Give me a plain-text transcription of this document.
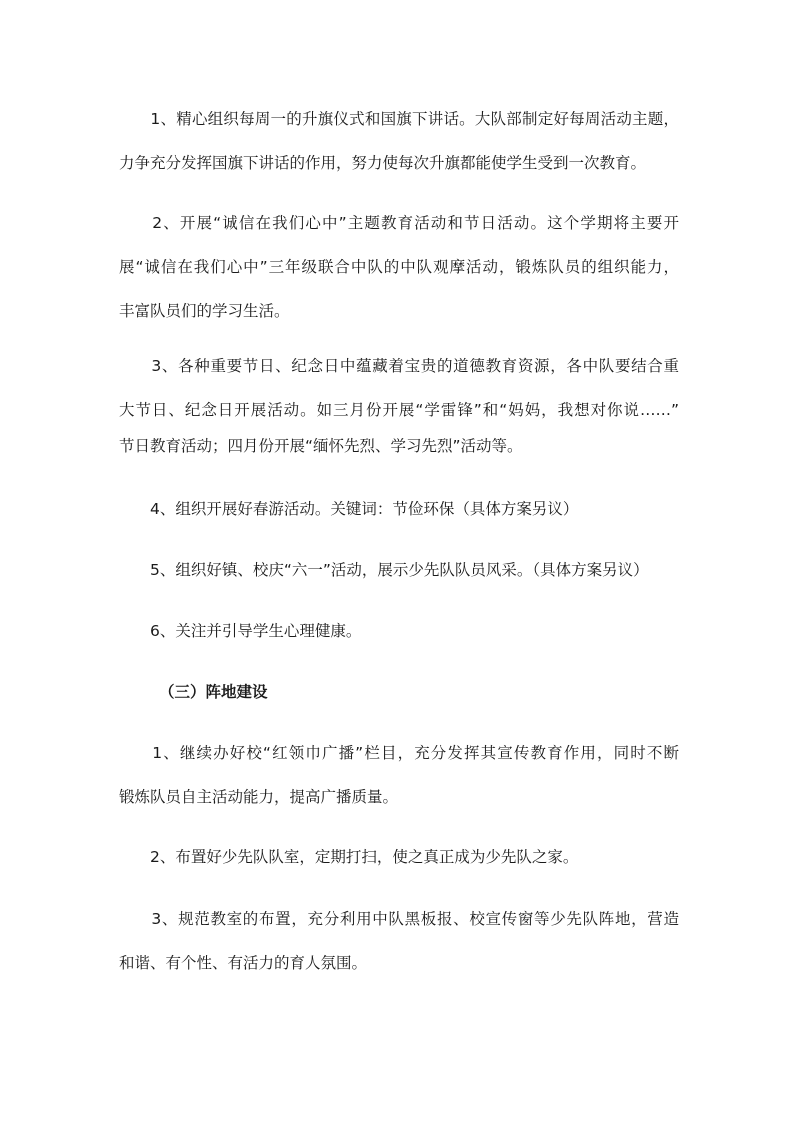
　　1、精心组织每周一的升旗仪式和国旗下讲话。大队部制定好每周活动主题，
力争充分发挥国旗下讲话的作用，努力使每次升旗都能使学生受到一次教育。
　　2、开展“诚信在我们心中”主题教育活动和节日活动。这个学期将主要开
展“诚信在我们心中”三年级联合中队的中队观摩活动，锻炼队员的组织能力，
丰富队员们的学习生活。
　　3、各种重要节日、纪念日中蕴藏着宝贵的道德教育资源，各中队要结合重
大节日、纪念日开展活动。如三月份开展“学雷锋”和“妈妈，我想对你说……”
节日教育活动；四月份开展“缅怀先烈、学习先烈”活动等。
　　4、组织开展好春游活动。关键词：节俭环保（具体方案另议）
　　5、组织好镇、校庆“六一”活动，展示少先队队员风采。（具体方案另议）
　　6、关注并引导学生心理健康。
（三）阵地建设
　　1、继续办好校“红领巾广播”栏目，充分发挥其宣传教育作用，同时不断
锻炼队员自主活动能力，提高广播质量。
　　2、布置好少先队队室，定期打扫，使之真正成为少先队之家。
　　3、规范教室的布置，充分利用中队黑板报、校宣传窗等少先队阵地，营造
和谐、有个性、有活力的育人氛围。
